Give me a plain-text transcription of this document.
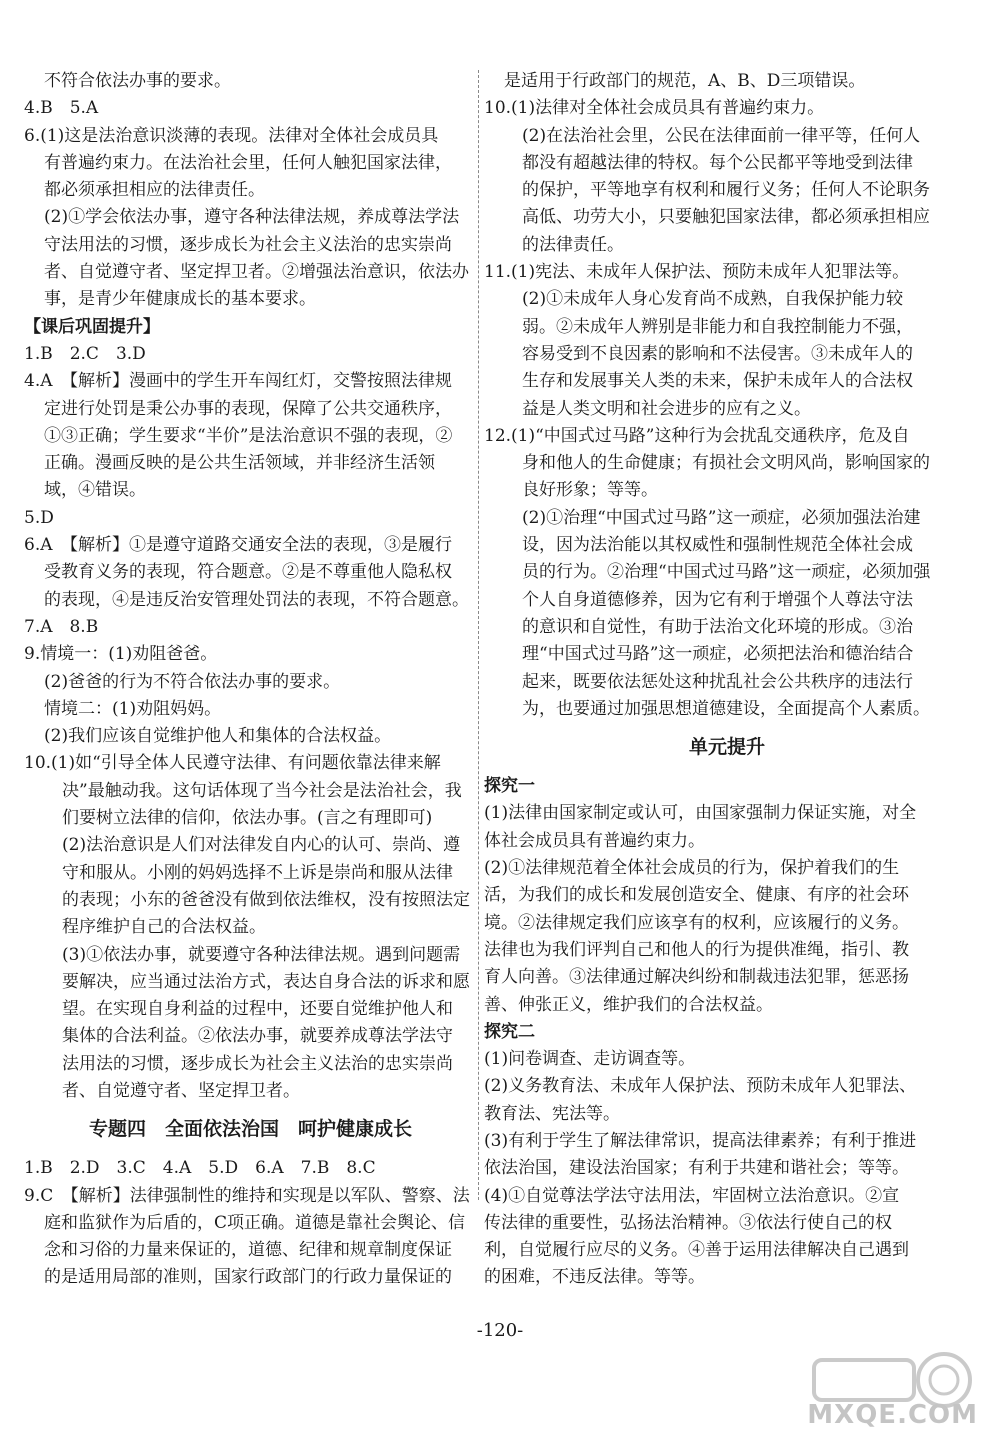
不符合依法办事的要求。
4.B　5.A
6.(1)这是法治意识淡薄的表现。法律对全体社会成员具
有普遍约束力。在法治社会里，任何人触犯国家法律，
都必须承担相应的法律责任。
(2)①学会依法办事，遵守各种法律法规，养成尊法学法
守法用法的习惯，逐步成长为社会主义法治的忠实崇尚
者、自觉遵守者、坚定捍卫者。②增强法治意识，依法办
事，是青少年健康成长的基本要求。
【课后巩固提升】
1.B　2.C　3.D
4.A　【解析】漫画中的学生开车闯红灯，交警按照法律规
定进行处罚是秉公办事的表现，保障了公共交通秩序，
①③正确；学生要求“半价”是法治意识不强的表现，②
正确。漫画反映的是公共生活领域，并非经济生活领
域，④错误。
5.D
6.A　【解析】①是遵守道路交通安全法的表现，③是履行
受教育义务的表现，符合题意。②是不尊重他人隐私权
的表现，④是违反治安管理处罚法的表现，不符合题意。
7.A　8.B
9.情境一：(1)劝阻爸爸。
(2)爸爸的行为不符合依法办事的要求。
情境二：(1)劝阻妈妈。
(2)我们应该自觉维护他人和集体的合法权益。
10.(1)如“引导全体人民遵守法律、有问题依靠法律来解
决”最触动我。这句话体现了当今社会是法治社会，我
们要树立法律的信仰，依法办事。(言之有理即可)
(2)法治意识是人们对法律发自内心的认可、崇尚、遵
守和服从。小刚的妈妈选择不上诉是崇尚和服从法律
的表现；小东的爸爸没有做到依法维权，没有按照法定
程序维护自己的合法权益。
(3)①依法办事，就要遵守各种法律法规。遇到问题需
要解决，应当通过法治方式，表达自身合法的诉求和愿
望。在实现自身利益的过程中，还要自觉维护他人和
集体的合法利益。②依法办事，就要养成尊法学法守
法用法的习惯，逐步成长为社会主义法治的忠实崇尚
者、自觉遵守者、坚定捍卫者。
专题四　全面依法治国　呵护健康成长
1.B　2.D　3.C　4.A　5.D　6.A　7.B　8.C
9.C　【解析】法律强制性的维持和实现是以军队、警察、法
庭和监狱作为后盾的，C项正确。道德是靠社会舆论、信
念和习俗的力量来保证的，道德、纪律和规章制度保证
的是适用局部的准则，国家行政部门的行政力量保证的
是适用于行政部门的规范，A、B、D三项错误。
10.(1)法律对全体社会成员具有普遍约束力。
(2)在法治社会里，公民在法律面前一律平等，任何人
都没有超越法律的特权。每个公民都平等地受到法律
的保护，平等地享有权利和履行义务；任何人不论职务
高低、功劳大小，只要触犯国家法律，都必须承担相应
的法律责任。
11.(1)宪法、未成年人保护法、预防未成年人犯罪法等。
(2)①未成年人身心发育尚不成熟，自我保护能力较
弱。②未成年人辨别是非能力和自我控制能力不强，
容易受到不良因素的影响和不法侵害。③未成年人的
生存和发展事关人类的未来，保护未成年人的合法权
益是人类文明和社会进步的应有之义。
12.(1)“中国式过马路”这种行为会扰乱交通秩序，危及自
身和他人的生命健康；有损社会文明风尚，影响国家的
良好形象；等等。
(2)①治理“中国式过马路”这一顽症，必须加强法治建
设，因为法治能以其权威性和强制性规范全体社会成
员的行为。②治理“中国式过马路”这一顽症，必须加强
个人自身道德修养，因为它有利于增强个人尊法守法
的意识和自觉性，有助于法治文化环境的形成。③治
理“中国式过马路”这一顽症，必须把法治和德治结合
起来，既要依法惩处这种扰乱社会公共秩序的违法行
为，也要通过加强思想道德建设，全面提高个人素质。
单元提升
探究一
(1)法律由国家制定或认可，由国家强制力保证实施，对全
体社会成员具有普遍约束力。
(2)①法律规范着全体社会成员的行为，保护着我们的生
活，为我们的成长和发展创造安全、健康、有序的社会环
境。②法律规定我们应该享有的权利，应该履行的义务。
法律也为我们评判自己和他人的行为提供准绳，指引、教
育人向善。③法律通过解决纠纷和制裁违法犯罪，惩恶扬
善、伸张正义，维护我们的合法权益。
探究二
(1)问卷调查、走访调查等。
(2)义务教育法、未成年人保护法、预防未成年人犯罪法、
教育法、宪法等。
(3)有利于学生了解法律常识，提高法律素养；有利于推进
依法治国，建设法治国家；有利于共建和谐社会；等等。
(4)①自觉尊法学法守法用法，牢固树立法治意识。②宣
传法律的重要性，弘扬法治精神。③依法行使自己的权
利，自觉履行应尽的义务。④善于运用法律解决自己遇到
的困难，不违反法律。等等。
-120-
MXQE.COM
